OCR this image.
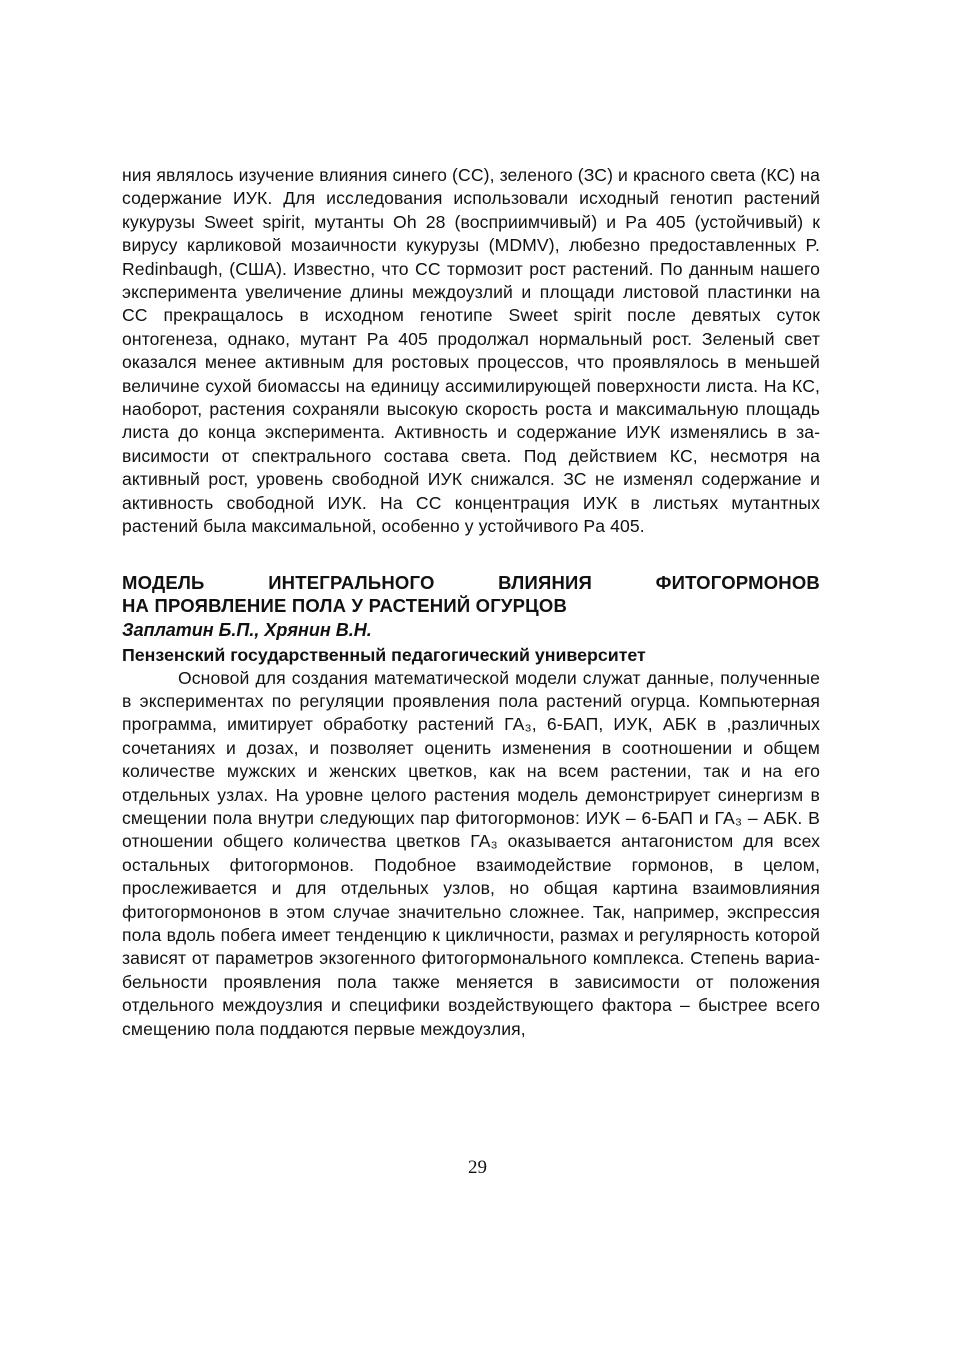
ния являлось изучение влияния синего (СС), зеленого (ЗС) и красного света (КС) на содержание ИУК. Для исследования использовали исходный генотип растений кукурузы Sweet spirit, мутанты Oh 28 (восприимчивый) и Pa 405 (устойчивый) к вирусу карликовой мозаичности кукурузы (MDMV), любезно предоставленных P. Redinbaugh, (США). Известно, что СС тормозит рост растений. По данным нашего эксперимента увеличение длины междоузлий и площади листовой пластинки на СС прекращалось в исходном генотипе Sweet spirit после девятых суток онтогенеза, однако, мутант Pa 405 продолжал нормальный рост. Зеленый свет оказался менее активным для ростовых процессов, что проявлялось в меньшей величине сухой биомассы на единицу ассимилирующей поверхности листа. На КС, наоборот, растения сохраняли высокую скорость роста и максимальную площадь листа до конца эксперимента. Активность и содержание ИУК изменялись в зависимости от спектрального состава света. Под действием КС, несмотря на активный рост, уровень свободной ИУК снижался. ЗС не изменял содержание и активность свободной ИУК. На СС концентрация ИУК в листьях мутантных растений была максимальной, особенно у устойчивого Pa 405.

МОДЕЛЬ ИНТЕГРАЛЬНОГО ВЛИЯНИЯ ФИТОГОРМОНОВ
НА ПРОЯВЛЕНИЕ ПОЛА У РАСТЕНИЙ ОГУРЦОВ
Заплатин Б.П., Хрянин В.Н.
Пензенский государственный педагогический университет

Основой для создания математической модели служат данные, полученные в экспериментах по регуляции проявления пола растений огурца. Компьютерная программа, имитирует обработку растений ГА₃, 6-БАП, ИУК, АБК в ,различных сочетаниях и дозах, и позволяет оценить изменения в соотношении и общем количестве мужских и женских цветков, как на всем растении, так и на его отдельных узлах. На уровне целого растения модель демонстрирует синергизм в смещении пола внутри следующих пар фитогормонов: ИУК – 6-БАП и ГА₃ – АБК. В отношении общего количества цветков ГА₃ оказывается антагонистом для всех остальных фитогормонов. Подобное взаимодействие гормонов, в целом, прослеживается и для отдельных узлов, но общая картина взаимовлияния фитогормононов в этом случае значительно сложнее. Так, например, экспрессия пола вдоль побега имеет тенденцию к цикличности, размах и регулярность которой зависят от параметров экзогенного фитогормонального комплекса. Степень вариабельности проявления пола также меняется в зависимости от положения отдельного междоузлия и специфики воздействующего фактора – быстрее всего смещению пола поддаются первые междоузлия,

29
